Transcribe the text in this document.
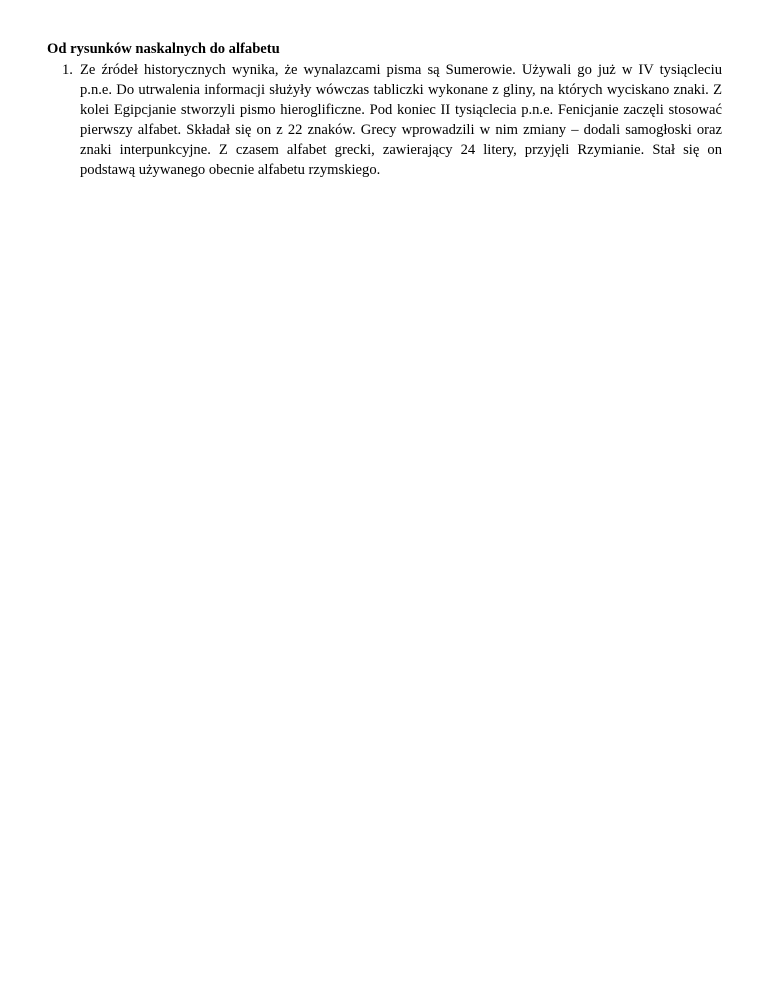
Od rysunków naskalnych do alfabetu
1. Ze źródeł historycznych wynika, że wynalazcami pisma są Sumerowie. Używali go już w IV tysiącleciu p.n.e. Do utrwalenia informacji służyły wówczas tabliczki wykonane z gliny, na których wyciskano znaki. Z kolei Egipcjanie stworzyli pismo hieroglificzne. Pod koniec II tysiąclecia p.n.e. Fenicjanie zaczęli stosować pierwszy alfabet. Składał się on z 22 znaków. Grecy wprowadzili w nim zmiany – dodali samogłoski oraz znaki interpunkcyjne. Z czasem alfabet grecki, zawierający 24 litery, przyjęli Rzymianie. Stał się on podstawą używanego obecnie alfabetu rzymskiego.
